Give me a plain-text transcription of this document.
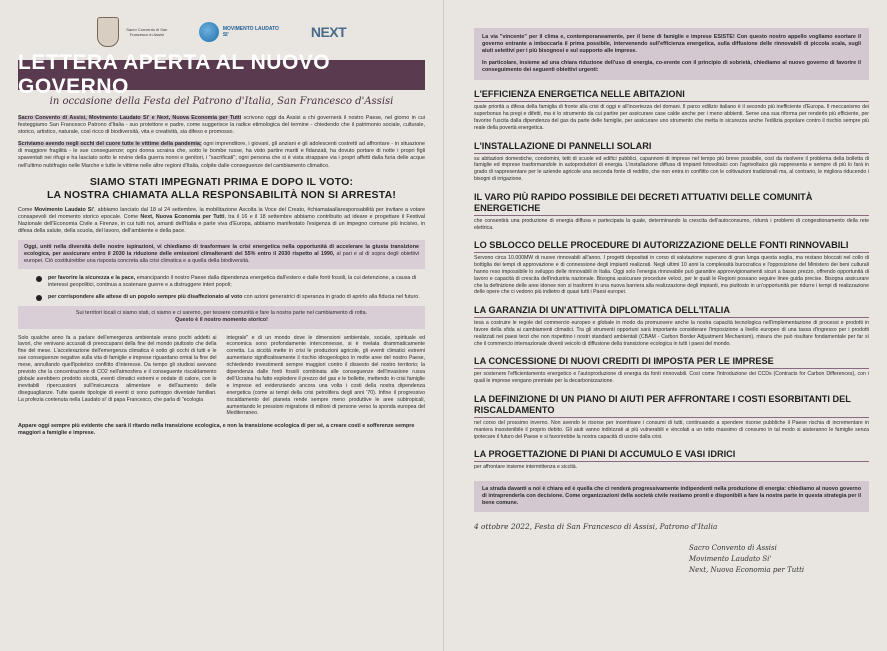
Sacro Convento di San Francesco in Assisi
MOVIMENTO LAUDATO SI'	NEXT
LETTERA APERTA AL NUOVO GOVERNO
in occasione della Festa del Patrono d'Italia, San Francesco d'Assisi

Sacro Convento di Assisi, Movimento Laudato Si' e Next, Nuova Economia per Tutti scrivono oggi da Assisi a chi governerà il nostro Paese, nel giorno in cui festeggiamo San Francesco Patrono d'Italia - suo protettore e padre, come suggerisce la radice etimologica del termine - chiedendo che il patrimonio sociale, culturale, storico, artistico, naturale, così ricco di biodiversità, vita e creatività, sia difeso e promosso.

Scriviamo avendo negli occhi del cuore tutte le vittime della pandemia; ogni imprenditore, i giovani, gli anziani e gli adolescenti costretti ad affrontare - in situazione di maggiore fragilità - le sue conseguenze; ogni donna ucraina che, sotto le bombe russe, ha visto partire mariti e fidanzati, ha dovuto portare di notte i propri figli spaventati nei rifugi e ha lasciato sotto le rovine della guerra nonni e genitori, i "sacrificati"; ogni persona che si è vista strappare via i propri affetti dalla furia delle acque nell'ultimo nubifragio nelle Marche e tutte le vittime nelle altre regioni d'Italia, colpite dalle conseguenze del cambiamento climatico.

SIAMO STATI IMPEGNATI PRIMA E DOPO IL VOTO:
LA NOSTRA CHIAMATA ALLA RESPONSABILITÀ NON SI ARRESTA!

Come Movimento Laudato Si', abbiamo lanciato dal 18 al 24 settembre, la mobilitazione Ascolta la Voce del Creato, #chiamataallaresponsabilità per invitare a votare consapevoli del momento storico epocale. Come Next, Nuova Economia per Tutti, tra il 16 e il 18 settembre abbiamo contribuito ad ideare e progettare il Festival Nazionale dell'Economia Civile a Firenze, in cui tutti noi, amanti dell'Italia e parte viva d'Europa, abbiamo manifestato l'esigenza di un impegno comune più incisivo, in difesa della salute, della scuola, del lavoro, dell'ambiente e della pace.

Oggi, uniti nella diversità delle nostre ispirazioni, vi chiediamo di trasformare la crisi energetica nella opportunità di accelerare la giusta transizione ecologica, per assicurare entro il 2030 la riduzione delle emissioni climalteranti del 55% entro il 2030 rispetto al 1990, al pari e al di sopra degli obiettivi europei. Ciò costituirebbe una risposta concreta alla crisi climatica e a quella della biodiversità.
per favorire la sicurezza e la pace, emancipando il nostro Paese dalla dipendenza energetica dall'estero e dalle fonti fossili, la cui detenzione, a causa di interessi geopolitici, continua a scatenare guerre e a distruggere interi popoli;
per corrispondere alle attese di un popolo sempre più disaffezionato al voto con azioni generatrici di speranza in grado di aprirlo alla fiducia nel futuro.
Sui territori locali ci siamo stati, ci siamo e ci saremo, per tessere comunità e fare la nostra parte nel cambiamento di rotta.
Questo è il nostro momento storico!
Solo qualche anno fa a parlare dell'emergenza ambientale erano pochi addetti ai lavori, che venivano accusati di preoccuparsi della fine del mondo piuttosto che della fine del mese. L'accelerazione dell'emergenza climatica è sotto gli occhi di tutti e le sue conseguenze negative sulla vita di famiglie e imprese riguardano ormai la fine del mese, annullando quell'ipotetico conflitto d'interesse. Da tempo gli studiosi avevano previsto che la concentrazione di CO2 nell'atmosfera e il conseguente riscaldamento globale avrebbero prodotto siccità, eventi climatici estremi e ondate di calore, con le inevitabili ripercussioni sull'insicurezza alimentare e dell'aumento delle diseguaglianze. Tutte queste tipologie di eventi ci sono purtroppo diventate familiari. La profezia contenuta nella Laudato si' di papa Francesco, che parla di "ecologia
integrale" e di un mondo dove le dimensioni ambientale, sociale, spirituale ed economica sono profondamente interconnesse, si è rivelata drammaticamente corretta. La siccità mette in crisi le produzioni agricole, gli eventi climatici estremi aumentano significativamente il rischio idrogeologico in molte aree del nostro Paese, richiedendo investimenti sempre maggiori contro il dissesto del nostro territorio; la dipendenza dalle fonti fossili combinata alle conseguenze dell'invasione russa dell'Ucraina ha fatto esplodere il prezzo del gas e le bollette, mettendo in crisi famiglie e imprese ed evidenziando ancora una volta i costi della nostra dipendenza energetica (come ai tempi della crisi petrolifera degli anni '70). Infine il progressivo riscaldamento del pianeta rende sempre meno produttive le aree subtropicali, aumentando le pressioni migratorie di milioni di persone verso la sponda europea del Mediterraneo.

Appare oggi sempre più evidente che sarà il ritardo nella transizione ecologica, e non la transizione ecologica di per sé, a creare costi e sofferenze sempre maggiori a famiglie e imprese.

La via "vincente" per il clima e, contemporaneamente, per il bene di famiglie e imprese ESISTE! Con questo nostro appello vogliamo esortare il governo entrante a imboccarla il prima possibile, intervenendo sull'efficienza energetica, sulla diffusione delle rinnovabili di piccola scala, sugli aiuti selettivi per i più bisognosi e sul supporto alle imprese.

In particolare, insieme ad una chiara riduzione dell'uso di energia, co-erente con il principio di sobrietà, chiediamo al nuovo governo di favorire il conseguimento dei seguenti obiettivi urgenti:

L'EFFICIENZA ENERGETICA NELLE ABITAZIONI
quale priorità a difesa della famiglia di fronte alla crisi di oggi e all'incertezza del domani. Il parco edilizio italiano è il secondo più inefficiente d'Europa. Il meccanismo dei superbonus ha pregi e difetti, ma è lo strumento da cui partire per assicurare case calde anche per i meno abbienti. Serve una sua riforma per renderlo più efficiente, per favorire l'uscita dalla dipendenza del gas da parte delle famiglie, per assicurare uno strumento che metta in sicurezza anche l'edilizia popolare contro il rischio sempre più reale della povertà energetica.
L'INSTALLAZIONE DI PANNELLI SOLARI
su abitazioni domestiche, condomini, tetti di scuole ed edifici pubblici, capannoni di imprese nel tempo più breve possibile, così da risolvere il problema della bolletta di famiglie ed imprese trasformandole in autoproduttori di energia. L'installazione diffusa di impianti fotovoltaici con l'agrivoltaico già rappresenta e sempre di più lo farà in grado di rappresentare per le aziende agricole una seconda fonte di reddito, che non entra in conflitto con le coltivazioni tradizionali ma, al contrario, le migliora riducendo i bisogni di irrigazione.
IL VARO PIÙ RAPIDO POSSIBILE DEI DECRETI ATTUATIVI DELLE COMUNITÀ ENERGETICHE
che consentirà una produzione di energia diffusa e partecipata la quale, determinando la crescita dell'autoconsumo, ridurrà i problemi di congestionamento della rete elettrica.
LO SBLOCCO DELLE PROCEDURE DI AUTORIZZAZIONE DELLE FONTI RINNOVABILI
Servono circa 10.000MW di nuove rinnovabili all'anno. I progetti depositati in corso di valutazione superano di gran lunga questa soglia, ma restano bloccati nel collo di bottiglia dei tempi di approvazione e di connessione degli impianti realizzati. Negli ultimi 10 anni la complessità burocratica e l'opposizione del Ministero dei beni culturali hanno reso impossibile lo sviluppo delle rinnovabili in Italia. Oggi solo l'energia rinnovabile può garantire approvvigionamenti sicuri a basso prezzo, offrendo opportunità di lavoro e capacità di crescita dell'industria nazionale. Bisogna assicurare procedure veloci, per le quali le Regioni possano seguire linee guida precise. Bisogna assicurare che la definizione delle aree idonee non si trasformi in una nuova barriera alla realizzazione degli impianti, ma piuttosto in un'opportunità per ridurre i tempi di realizzazione delle opere che ci vedono più indietro di quasi tutti i Paesi europei.
LA GARANZIA DI UN'ATTIVITÀ DIPLOMATICA DELL'ITALIA
tesa a costruire le regole del commercio europeo e globale in modo da promuovere anche la nostra capacità tecnologica nell'implementazione di processi e prodotti in favore della sfida ai cambiamenti climatici. Tra gli strumenti opportuni sarà importante considerare l'imposizione a livello europeo di una tassa d'ingresso per i prodotti realizzati nei paesi terzi che non rispettino i nostri standard ambientali (CBAM - Carbon Border Adjustment Mechanism), misura che può risultare fondamentale per far sì che il commercio internazionale diventi veicolo di diffusione della transizione ecologica in tutti i paesi del mondo.
LA CONCESSIONE DI NUOVI CREDITI DI IMPOSTA PER LE IMPRESE
per sostenere l'efficientamento energetico e l'autoproduzione di energia da fonti rinnovabili. Così come l'introduzione dei CCDs (Contracts for Carbon Differences), con i quali le imprese vengano premiate per la decarbonizzazione.
LA DEFINIZIONE DI UN PIANO DI AIUTI PER AFFRONTARE I COSTI ESORBITANTI DEL RISCALDAMENTO
nel corso del prossimo inverno. Non avendo le risorse per incentivare i consumi di tutti, continuando a spendere risorse pubbliche il Paese rischia di incrementare in maniera insostenibile il proprio debito. Gli aiuti vanno indirizzati ai più vulnerabili e vincolati a un tetto massimo di consumo in tal modo si aiuteranno le famiglie senza ipotecare il futuro del Paese e si favorirebbe la nostra capacità di uscire dalla crisi.
LA PROGETTAZIONE DI PIANI DI ACCUMULO E VASI IDRICI
per affrontare insieme intermittenza e siccità.
La strada davanti a noi è chiara ed è quella che ci renderà progressivamente indipendenti nella produzione di energia: chiediamo al nuovo governo di intraprenderla con decisione. Come organizzazioni della società civile restiamo pronti e disponibili a fare la nostra parte in questa strategia per il bene comune.
4 ottobre 2022, Festa di San Francesco di Assisi, Patrono d'Italia
Sacro Convento di Assisi
Movimento Laudato Si'
Next, Nuova Economia per Tutti
